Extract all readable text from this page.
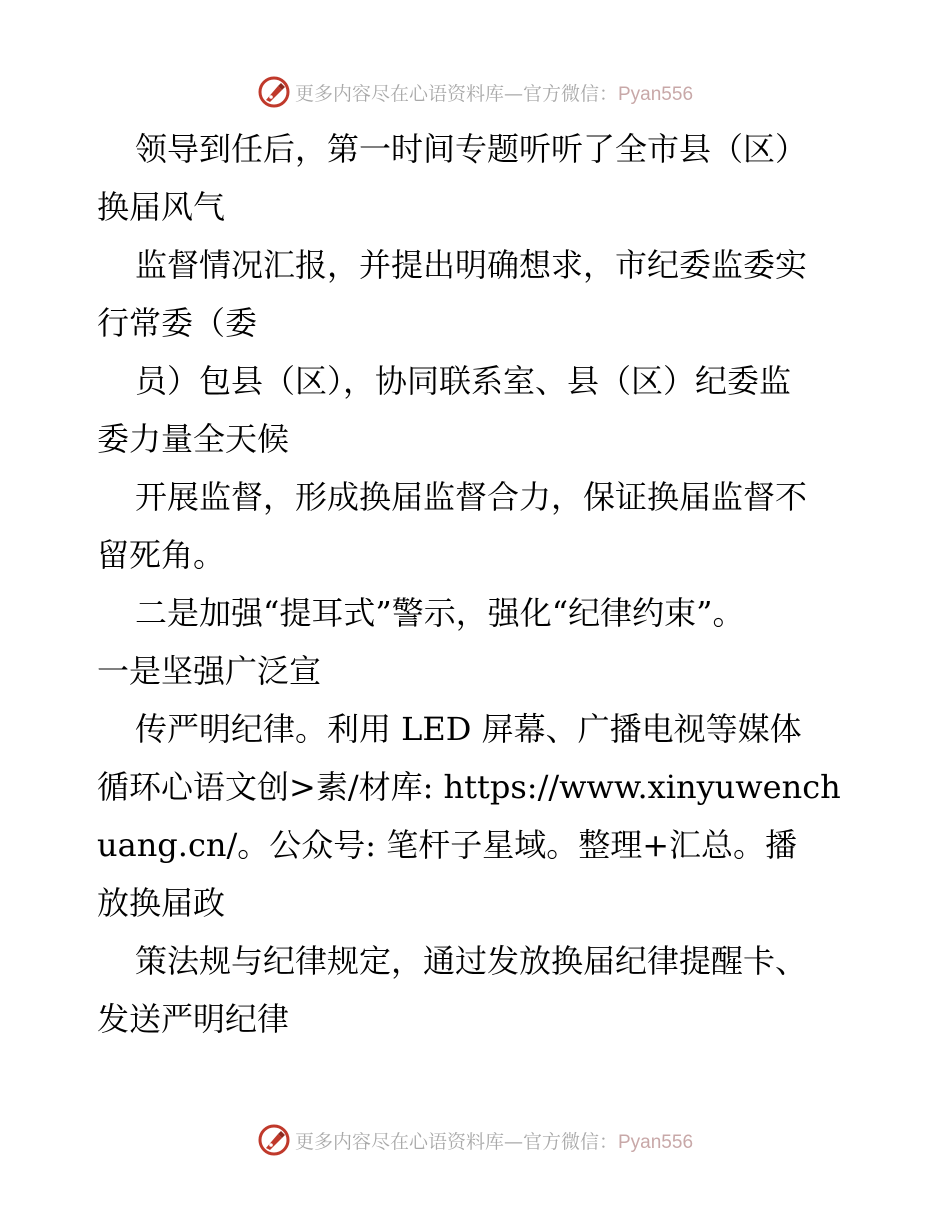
更多内容尽在心语资料库—官方微信：Pyan556
领导到任后，第一时间专题听听了全市县（区）
换届风气
监督情况汇报，并提出明确想求，市纪委监委实
行常委（委
员）包县（区），协同联系室、县（区）纪委监
委力量全天候
开展监督，形成换届监督合力，保证换届监督不
留死角。
二是加强“提耳式”警示，强化“纪律约束”。
一是坚强广泛宣
传严明纪律。利用 LED 屏幕、广播电视等媒体
循环心语文创>素/材库: https://www.xinyuwench
uang.cn/。公众号: 笔杆子星域。整理+汇总。播
放换届政
策法规与纪律规定，通过发放换届纪律提醒卡、
发送严明纪律
更多内容尽在心语资料库—官方微信：Pyan556
